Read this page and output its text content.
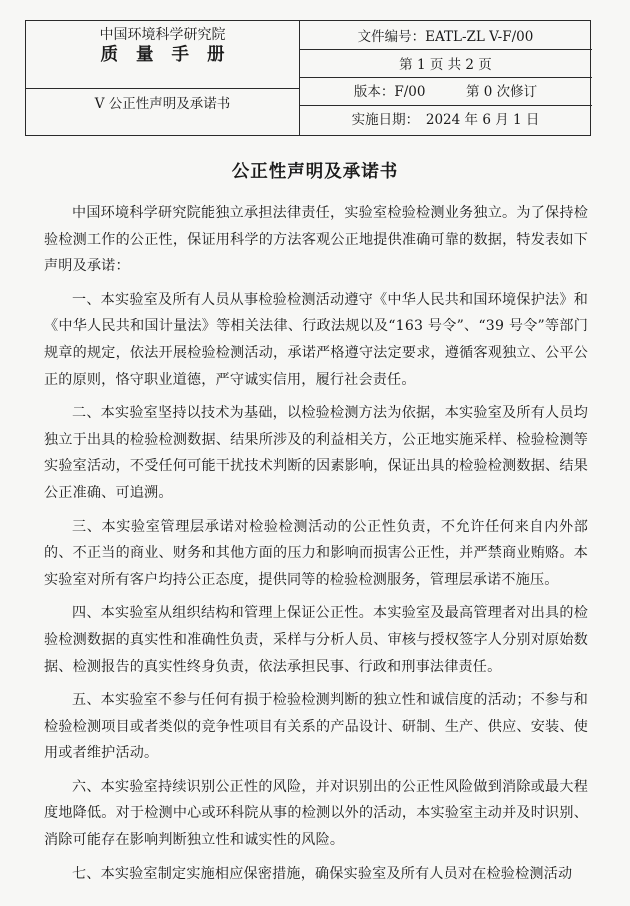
中国环境科学研究院
质量手册
V 公正性声明及承诺书
文件编号：EATL-ZL V-F/00
第 1 页 共 2 页
版本：F/00　　　第 0 次修订
实施日期：　2024 年 6 月 1 日
公正性声明及承诺书

中国环境科学研究院能独立承担法律责任，实验室检验检测业务独立。为了保持检验检测工作的公正性，保证用科学的方法客观公正地提供准确可靠的数据，特发表如下声明及承诺：

一、本实验室及所有人员从事检验检测活动遵守《中华人民共和国环境保护法》和《中华人民共和国计量法》等相关法律、行政法规以及“163 号令”、“39 号令”等部门规章的规定，依法开展检验检测活动，承诺严格遵守法定要求，遵循客观独立、公平公正的原则，恪守职业道德，严守诚实信用，履行社会责任。

二、本实验室坚持以技术为基础，以检验检测方法为依据，本实验室及所有人员均独立于出具的检验检测数据、结果所涉及的利益相关方，公正地实施采样、检验检测等实验室活动，不受任何可能干扰技术判断的因素影响，保证出具的检验检测数据、结果公正准确、可追溯。

三、本实验室管理层承诺对检验检测活动的公正性负责，不允许任何来自内外部的、不正当的商业、财务和其他方面的压力和影响而损害公正性，并严禁商业贿赂。本实验室对所有客户均持公正态度，提供同等的检验检测服务，管理层承诺不施压。

四、本实验室从组织结构和管理上保证公正性。本实验室及最高管理者对出具的检验检测数据的真实性和准确性负责，采样与分析人员、审核与授权签字人分别对原始数据、检测报告的真实性终身负责，依法承担民事、行政和刑事法律责任。

五、本实验室不参与任何有损于检验检测判断的独立性和诚信度的活动；不参与和检验检测项目或者类似的竞争性项目有关系的产品设计、研制、生产、供应、安装、使用或者维护活动。

六、本实验室持续识别公正性的风险，并对识别出的公正性风险做到消除或最大程度地降低。对于检测中心或环科院从事的检测以外的活动，本实验室主动并及时识别、消除可能存在影响判断独立性和诚实性的风险。

七、本实验室制定实施相应保密措施，确保实验室及所有人员对在检验检测活动
